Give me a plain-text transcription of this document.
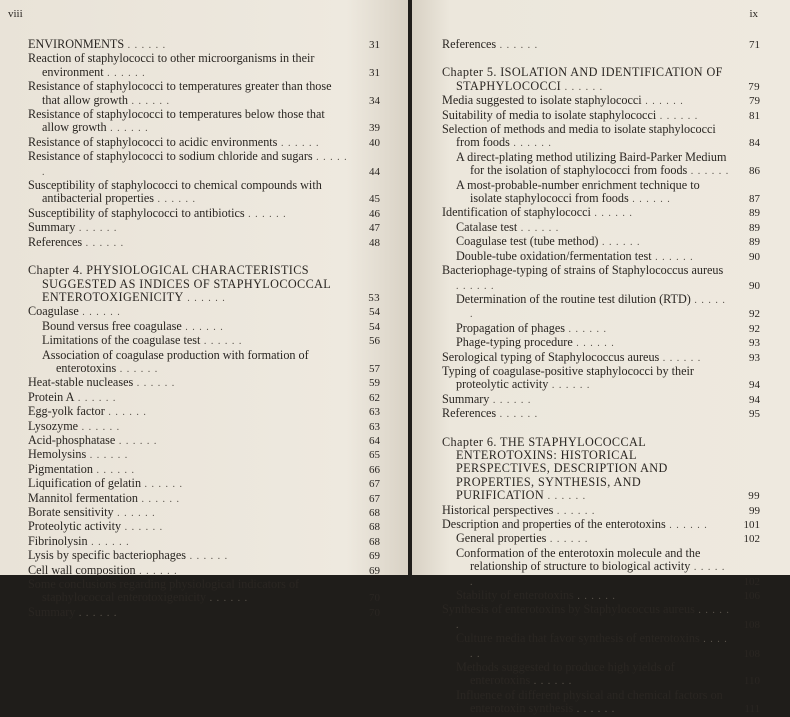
viii
ENVIRONMENTS . . . . . .	31
Reaction of staphylococci to other microorganisms in their environment . . . . . .	31
Resistance of staphylococci to temperatures greater than those that allow growth . . . . . .	34
Resistance of staphylococci to temperatures below those that allow growth . . . . . .	39
Resistance of staphylococci to acidic environments . . . . . .	40
Resistance of staphylococci to sodium chloride and sugars . . . . . .	44
Susceptibility of staphylococci to chemical compounds with antibacterial properties . . . . . .	45
Susceptibility of staphylococci to antibiotics . . . . . .	46
Summary . . . . . .	47
References . . . . . .	48
Chapter 4. PHYSIOLOGICAL CHARACTERISTICS SUGGESTED AS INDICES OF STAPHYLOCOCCAL ENTEROTOXIGENICITY . . . . . .	53
Coagulase . . . . . .	54
Bound versus free coagulase . . . . . .	54
Limitations of the coagulase test . . . . . .	56
Association of coagulase production with formation of enterotoxins . . . . . .	57
Heat-stable nucleases . . . . . .	59
Protein A . . . . . .	62
Egg-yolk factor . . . . . .	63
Lysozyme . . . . . .	63
Acid-phosphatase . . . . . .	64
Hemolysins . . . . . .	65
Pigmentation . . . . . .	66
Liquification of gelatin . . . . . .	67
Mannitol fermentation . . . . . .	67
Borate sensitivity . . . . . .	68
Proteolytic activity . . . . . .	68
Fibrinolysin . . . . . .	68
Lysis by specific bacteriophages . . . . . .	69
Cell wall composition . . . . . .	69
Some conclusions regarding physiological indicators of staphylococcal enterotoxigenicity . . . . . .	70
Summary . . . . . .	70
ix
References . . . . . .	71
Chapter 5. ISOLATION AND IDENTIFICATION OF STAPHYLOCOCCI . . . . . .	79
Media suggested to isolate staphylococci . . . . . .	79
Suitability of media to isolate staphylococci . . . . . .	81
Selection of methods and media to isolate staphylococci from foods . . . . . .	84
A direct-plating method utilizing Baird-Parker Medium for the isolation of staphylococci from foods . . . . . .	86
A most-probable-number enrichment technique to isolate staphylococci from foods . . . . . .	87
Identification of staphylococci . . . . . .	89
Catalase test . . . . . .	89
Coagulase test (tube method) . . . . . .	89
Double-tube oxidation/fermentation test . . . . . .	90
Bacteriophage-typing of strains of Staphylococcus aureus . . . . . .	90
Determination of the routine test dilution (RTD) . . . . . .	92
Propagation of phages . . . . . .	92
Phage-typing procedure . . . . . .	93
Serological typing of Staphylococcus aureus . . . . . .	93
Typing of coagulase-positive staphylococci by their proteolytic activity . . . . . .	94
Summary . . . . . .	94
References . . . . . .	95
Chapter 6. THE STAPHYLOCOCCAL ENTEROTOXINS: HISTORICAL PERSPECTIVES, DESCRIPTION AND PROPERTIES, SYNTHESIS, AND PURIFICATION . . . . . .	99
Historical perspectives . . . . . .	99
Description and properties of the enterotoxins . . . . . .	101
General properties . . . . . .	102
Conformation of the enterotoxin molecule and the relationship of structure to biological activity . . . . . .	102
Stability of enterotoxins . . . . . .	106
Synthesis of enterotoxins by Staphylococcus aureus . . . . . .	108
Culture media that favor synthesis of enterotoxins . . . . . .	108
Methods suggested to produce high yields of enterotoxins . . . . . .	110
Influence of different physical and chemical factors on enterotoxin synthesis . . . . . .	111
